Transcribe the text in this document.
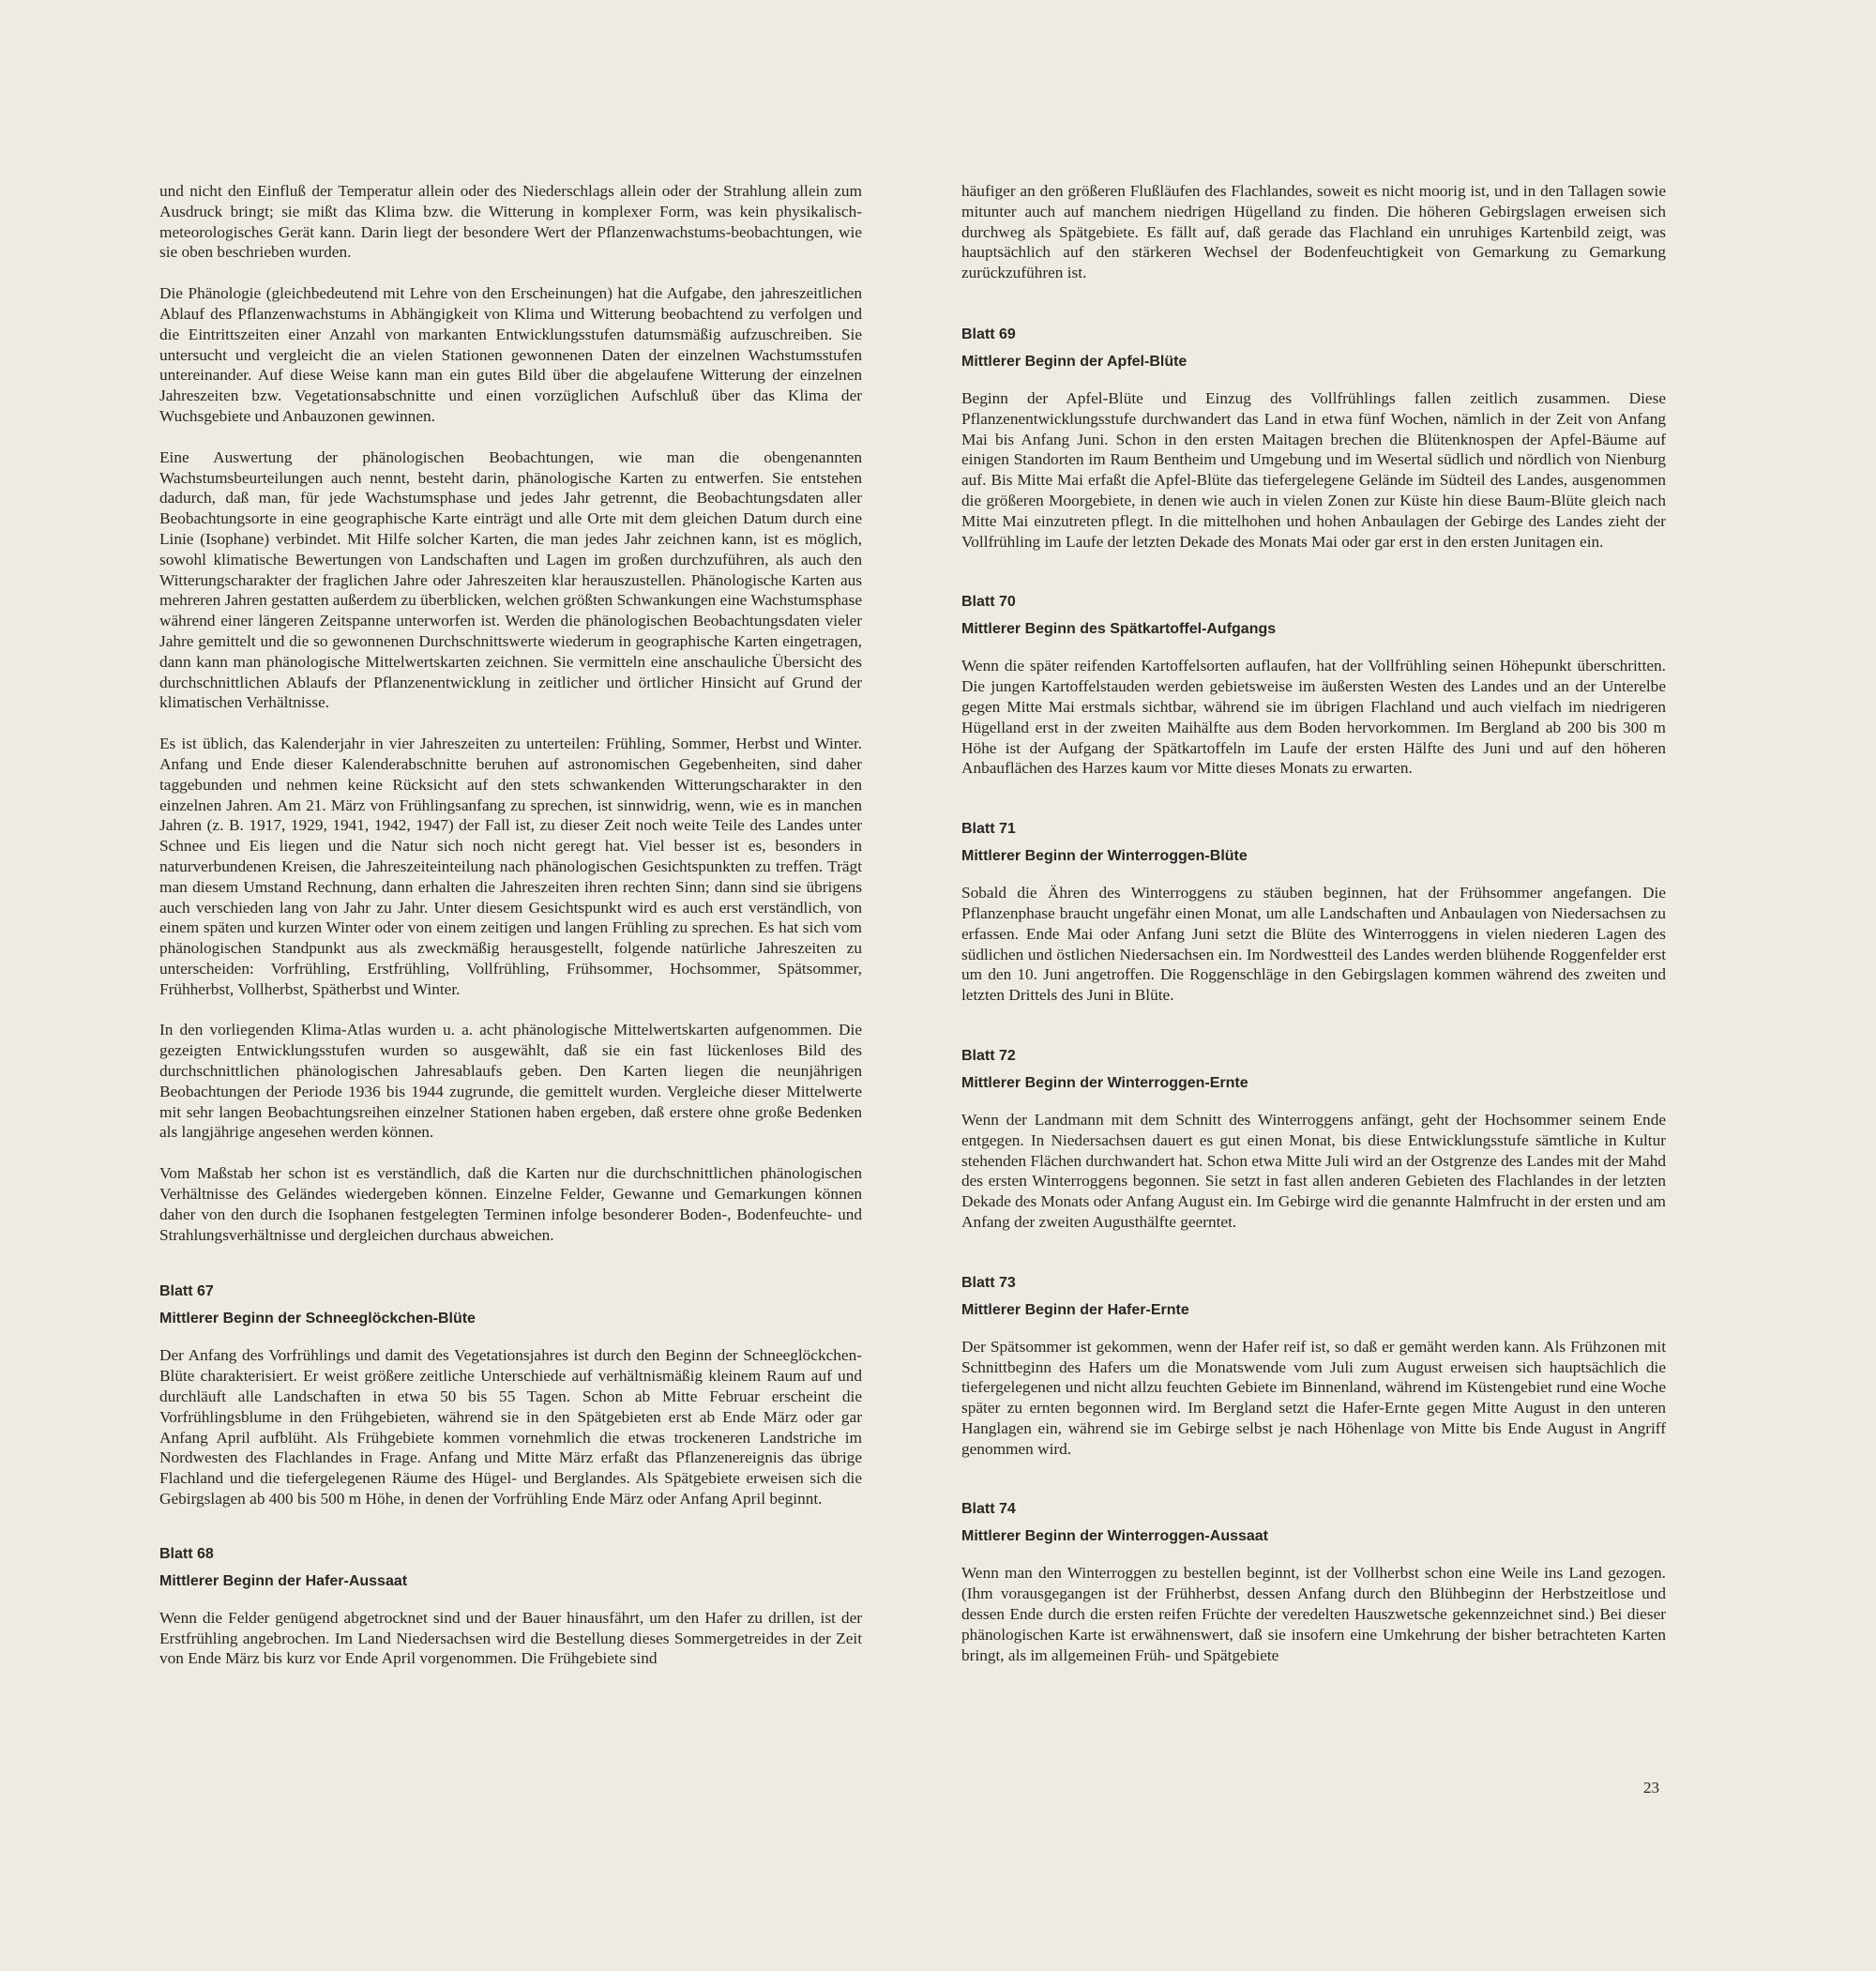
und nicht den Einfluß der Temperatur allein oder des Niederschlags allein oder der Strahlung allein zum Ausdruck bringt; sie mißt das Klima bzw. die Witterung in komplexer Form, was kein physikalisch-meteorologisches Gerät kann. Darin liegt der besondere Wert der Pflanzenwachstums-beobachtungen, wie sie oben beschrieben wurden.

Die Phänologie (gleichbedeutend mit Lehre von den Erscheinungen) hat die Aufgabe, den jahreszeitlichen Ablauf des Pflanzenwachstums in Abhängigkeit von Klima und Witterung beobachtend zu verfolgen und die Eintrittszeiten einer Anzahl von markanten Entwicklungsstufen datumsmäßig aufzuschreiben. Sie untersucht und vergleicht die an vielen Stationen gewonnenen Daten der einzelnen Wachstumsstufen untereinander. Auf diese Weise kann man ein gutes Bild über die abgelaufene Witterung der einzelnen Jahreszeiten bzw. Vegetationsabschnitte und einen vorzüglichen Aufschluß über das Klima der Wuchsgebiete und Anbauzonen gewinnen.

Eine Auswertung der phänologischen Beobachtungen, wie man die obengenannten Wachstumsbeurteilungen auch nennt, besteht darin, phänologische Karten zu entwerfen. Sie entstehen dadurch, daß man, für jede Wachstumsphase und jedes Jahr getrennt, die Beobachtungsdaten aller Beobachtungsorte in eine geographische Karte einträgt und alle Orte mit dem gleichen Datum durch eine Linie (Isophane) verbindet. Mit Hilfe solcher Karten, die man jedes Jahr zeichnen kann, ist es möglich, sowohl klimatische Bewertungen von Landschaften und Lagen im großen durchzuführen, als auch den Witterungscharakter der fraglichen Jahre oder Jahreszeiten klar herauszustellen. Phänologische Karten aus mehreren Jahren gestatten außerdem zu überblicken, welchen größten Schwankungen eine Wachstumsphase während einer längeren Zeitspanne unterworfen ist. Werden die phänologischen Beobachtungsdaten vieler Jahre gemittelt und die so gewonnenen Durchschnittswerte wiederum in geographische Karten eingetragen, dann kann man phänologische Mittelwertskarten zeichnen. Sie vermitteln eine anschauliche Übersicht des durchschnittlichen Ablaufs der Pflanzenentwicklung in zeitlicher und örtlicher Hinsicht auf Grund der klimatischen Verhältnisse.

Es ist üblich, das Kalenderjahr in vier Jahreszeiten zu unterteilen: Frühling, Sommer, Herbst und Winter. Anfang und Ende dieser Kalenderabschnitte beruhen auf astronomischen Gegebenheiten, sind daher taggebunden und nehmen keine Rücksicht auf den stets schwankenden Witterungscharakter in den einzelnen Jahren. Am 21. März von Frühlingsanfang zu sprechen, ist sinnwidrig, wenn, wie es in manchen Jahren (z. B. 1917, 1929, 1941, 1942, 1947) der Fall ist, zu dieser Zeit noch weite Teile des Landes unter Schnee und Eis liegen und die Natur sich noch nicht geregt hat. Viel besser ist es, besonders in naturverbundenen Kreisen, die Jahreszeiteinteilung nach phänologischen Gesichtspunkten zu treffen. Trägt man diesem Umstand Rechnung, dann erhalten die Jahreszeiten ihren rechten Sinn; dann sind sie übrigens auch verschieden lang von Jahr zu Jahr. Unter diesem Gesichtspunkt wird es auch erst verständlich, von einem späten und kurzen Winter oder von einem zeitigen und langen Frühling zu sprechen. Es hat sich vom phänologischen Standpunkt aus als zweckmäßig herausgestellt, folgende natürliche Jahreszeiten zu unterscheiden: Vorfrühling, Erstfrühling, Vollfrühling, Frühsommer, Hochsommer, Spätsommer, Frühherbst, Vollherbst, Spätherbst und Winter.

In den vorliegenden Klima-Atlas wurden u. a. acht phänologische Mittelwertskarten aufgenommen. Die gezeigten Entwicklungsstufen wurden so ausgewählt, daß sie ein fast lückenloses Bild des durchschnittlichen phänologischen Jahresablaufs geben. Den Karten liegen die neunjährigen Beobachtungen der Periode 1936 bis 1944 zugrunde, die gemittelt wurden. Vergleiche dieser Mittelwerte mit sehr langen Beobachtungsreihen einzelner Stationen haben ergeben, daß erstere ohne große Bedenken als langjährige angesehen werden können.

Vom Maßstab her schon ist es verständlich, daß die Karten nur die durchschnittlichen phänologischen Verhältnisse des Geländes wiedergeben können. Einzelne Felder, Gewanne und Gemarkungen können daher von den durch die Isophanen festgelegten Terminen infolge besonderer Boden-, Bodenfeuchte- und Strahlungsverhältnisse und dergleichen durchaus abweichen.

Blatt 67
Mittlerer Beginn der Schneeglöckchen-Blüte

Der Anfang des Vorfrühlings und damit des Vegetationsjahres ist durch den Beginn der Schneeglöckchen-Blüte charakterisiert. Er weist größere zeitliche Unterschiede auf verhältnismäßig kleinem Raum auf und durchläuft alle Landschaften in etwa 50 bis 55 Tagen. Schon ab Mitte Februar erscheint die Vorfrühlingsblume in den Frühgebieten, während sie in den Spätgebieten erst ab Ende März oder gar Anfang April aufblüht. Als Frühgebiete kommen vornehmlich die etwas trockeneren Landstriche im Nordwesten des Flachlandes in Frage. Anfang und Mitte März erfaßt das Pflanzenereignis das übrige Flachland und die tiefergelegenen Räume des Hügel- und Berglandes. Als Spätgebiete erweisen sich die Gebirgslagen ab 400 bis 500 m Höhe, in denen der Vorfrühling Ende März oder Anfang April beginnt.

Blatt 68
Mittlerer Beginn der Hafer-Aussaat

Wenn die Felder genügend abgetrocknet sind und der Bauer hinausfährt, um den Hafer zu drillen, ist der Erstfrühling angebrochen. Im Land Niedersachsen wird die Bestellung dieses Sommergetreides in der Zeit von Ende März bis kurz vor Ende April vorgenommen. Die Frühgebiete sind

häufiger an den größeren Flußläufen des Flachlandes, soweit es nicht moorig ist, und in den Tallagen sowie mitunter auch auf manchem niedrigen Hügelland zu finden. Die höheren Gebirgslagen erweisen sich durchweg als Spätgebiete. Es fällt auf, daß gerade das Flachland ein unruhiges Kartenbild zeigt, was hauptsächlich auf den stärkeren Wechsel der Bodenfeuchtigkeit von Gemarkung zu Gemarkung zurückzuführen ist.

Blatt 69
Mittlerer Beginn der Apfel-Blüte

Beginn der Apfel-Blüte und Einzug des Vollfrühlings fallen zeitlich zusammen. Diese Pflanzenentwicklungsstufe durchwandert das Land in etwa fünf Wochen, nämlich in der Zeit von Anfang Mai bis Anfang Juni. Schon in den ersten Maitagen brechen die Blütenknospen der Apfel-Bäume auf einigen Standorten im Raum Bentheim und Umgebung und im Wesertal südlich und nördlich von Nienburg auf. Bis Mitte Mai erfaßt die Apfel-Blüte das tiefergelegene Gelände im Südteil des Landes, ausgenommen die größeren Moorgebiete, in denen wie auch in vielen Zonen zur Küste hin diese Baum-Blüte gleich nach Mitte Mai einzutreten pflegt. In die mittelhohen und hohen Anbaulagen der Gebirge des Landes zieht der Vollfrühling im Laufe der letzten Dekade des Monats Mai oder gar erst in den ersten Junitagen ein.

Blatt 70
Mittlerer Beginn des Spätkartoffel-Aufgangs

Wenn die später reifenden Kartoffelsorten auflaufen, hat der Vollfrühling seinen Höhepunkt überschritten. Die jungen Kartoffelstauden werden gebietsweise im äußersten Westen des Landes und an der Unterelbe gegen Mitte Mai erstmals sichtbar, während sie im übrigen Flachland und auch vielfach im niedrigeren Hügelland erst in der zweiten Maihälfte aus dem Boden hervorkommen. Im Bergland ab 200 bis 300 m Höhe ist der Aufgang der Spätkartoffeln im Laufe der ersten Hälfte des Juni und auf den höheren Anbauflächen des Harzes kaum vor Mitte dieses Monats zu erwarten.

Blatt 71
Mittlerer Beginn der Winterroggen-Blüte

Sobald die Ähren des Winterroggens zu stäuben beginnen, hat der Frühsommer angefangen. Die Pflanzenphase braucht ungefähr einen Monat, um alle Landschaften und Anbaulagen von Niedersachsen zu erfassen. Ende Mai oder Anfang Juni setzt die Blüte des Winterroggens in vielen niederen Lagen des südlichen und östlichen Niedersachsen ein. Im Nordwestteil des Landes werden blühende Roggenfelder erst um den 10. Juni angetroffen. Die Roggenschläge in den Gebirgslagen kommen während des zweiten und letzten Drittels des Juni in Blüte.

Blatt 72
Mittlerer Beginn der Winterroggen-Ernte

Wenn der Landmann mit dem Schnitt des Winterroggens anfängt, geht der Hochsommer seinem Ende entgegen. In Niedersachsen dauert es gut einen Monat, bis diese Entwicklungsstufe sämtliche in Kultur stehenden Flächen durchwandert hat. Schon etwa Mitte Juli wird an der Ostgrenze des Landes mit der Mahd des ersten Winterroggens begonnen. Sie setzt in fast allen anderen Gebieten des Flachlandes in der letzten Dekade des Monats oder Anfang August ein. Im Gebirge wird die genannte Halmfrucht in der ersten und am Anfang der zweiten Augusthälfte geerntet.

Blatt 73
Mittlerer Beginn der Hafer-Ernte

Der Spätsommer ist gekommen, wenn der Hafer reif ist, so daß er gemäht werden kann. Als Frühzonen mit Schnittbeginn des Hafers um die Monatswende vom Juli zum August erweisen sich hauptsächlich die tiefergelegenen und nicht allzu feuchten Gebiete im Binnenland, während im Küstengebiet rund eine Woche später zu ernten begonnen wird. Im Bergland setzt die Hafer-Ernte gegen Mitte August in den unteren Hanglagen ein, während sie im Gebirge selbst je nach Höhenlage von Mitte bis Ende August in Angriff genommen wird.

Blatt 74
Mittlerer Beginn der Winterroggen-Aussaat

Wenn man den Winterroggen zu bestellen beginnt, ist der Vollherbst schon eine Weile ins Land gezogen. (Ihm vorausgegangen ist der Frühherbst, dessen Anfang durch den Blühbeginn der Herbstzeitlose und dessen Ende durch die ersten reifen Früchte der veredelten Hauszwetsche gekennzeichnet sind.) Bei dieser phänologischen Karte ist erwähnenswert, daß sie insofern eine Umkehrung der bisher betrachteten Karten bringt, als im allgemeinen Früh- und Spätgebiete

23
